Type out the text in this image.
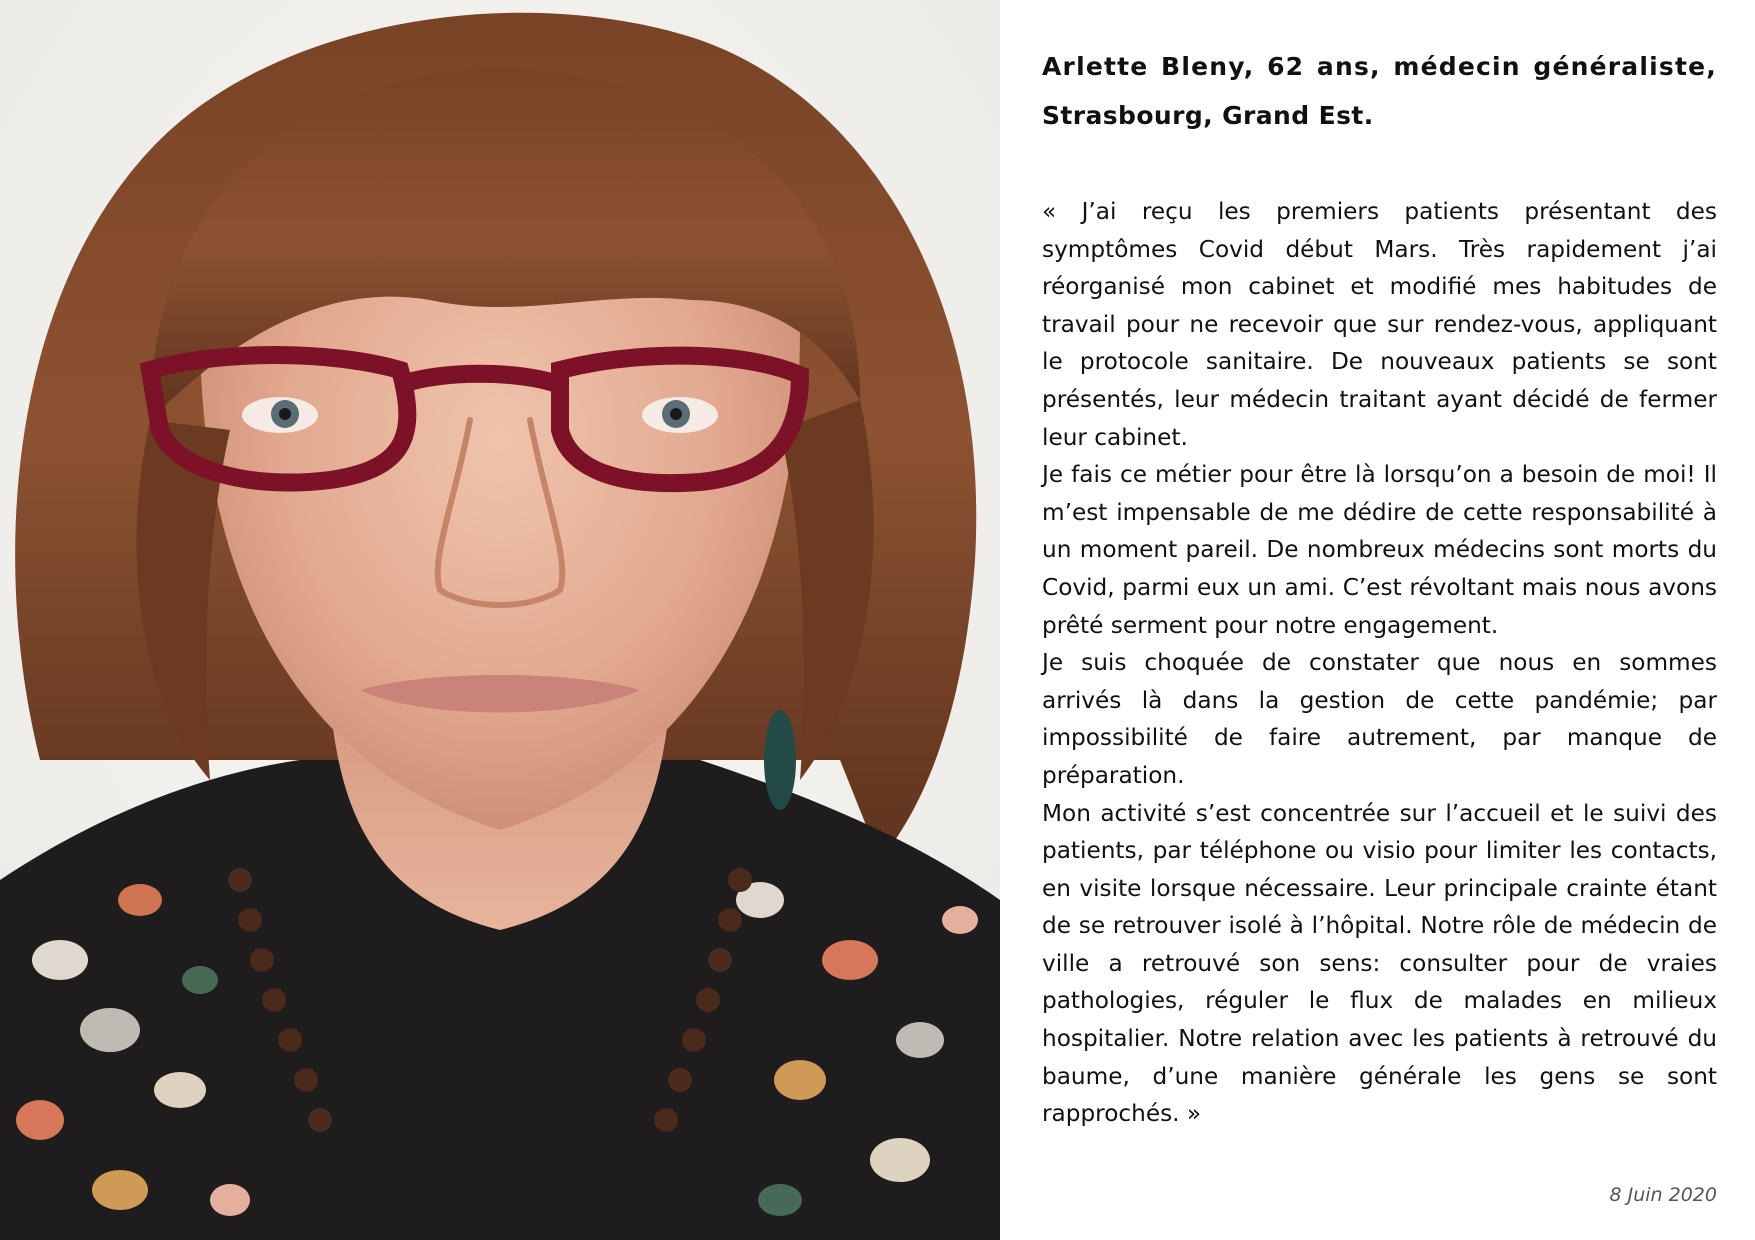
Arlette Bleny, 62 ans, médecin généraliste,
Strasbourg, Grand Est.

« J’ai reçu les premiers patients présentant des symptômes Covid début Mars. Très rapidement j’ai réorganisé mon cabinet et modifié mes habitudes de travail pour ne recevoir que sur rendez-vous, appliquant le protocole sanitaire. De nouveaux patients se sont présentés, leur médecin traitant ayant décidé de fermer leur cabinet.

Je fais ce métier pour être là lorsqu’on a besoin de moi! Il m’est impensable de me dédire de cette responsabilité à un moment pareil. De nombreux médecins sont morts du Covid, parmi eux un ami. C’est révoltant mais nous avons prêté serment pour notre engagement.

Je suis choquée de constater que nous en sommes arrivés là dans la gestion de cette pandémie; par impossibilité de faire autrement, par manque de préparation.

Mon activité s’est concentrée sur l’accueil et le suivi des patients, par téléphone ou visio pour limiter les contacts, en visite lorsque nécessaire. Leur principale crainte étant de se retrouver isolé à l’hôpital. Notre rôle de médecin de ville a retrouvé son sens: consulter pour de vraies pathologies, réguler le flux de malades en milieux hospitalier. Notre relation avec les patients à retrouvé du baume, d’une manière générale les gens se sont rapprochés. »

8 Juin 2020
